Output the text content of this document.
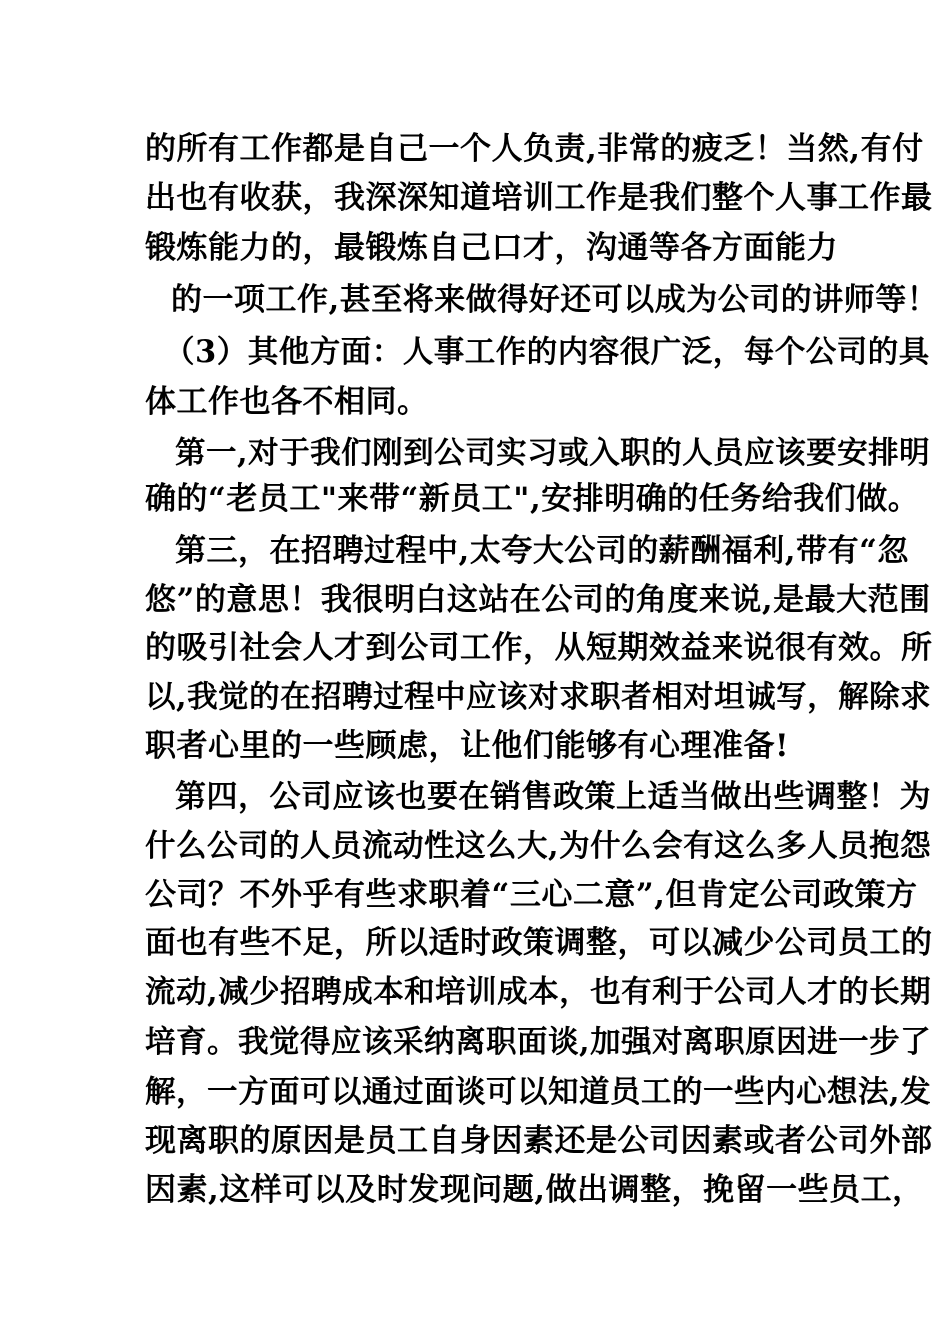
的所有工作都是自己一个人负责,非常的疲乏！当然,有付
出也有收获，我深深知道培训工作是我们整个人事工作最
锻炼能力的，最锻炼自己口才，沟通等各方面能力
的一项工作,甚至将来做得好还可以成为公司的讲师等！
（3）其他方面：人事工作的内容很广泛，每个公司的具
体工作也各不相同。
第一,对于我们刚到公司实习或入职的人员应该要安排明
确的“老员工"来带“新员工",安排明确的任务给我们做。
第三，在招聘过程中,太夸大公司的薪酬福利,带有“忽
悠”的意思！我很明白这站在公司的角度来说,是最大范围
的吸引社会人才到公司工作，从短期效益来说很有效。所
以,我觉的在招聘过程中应该对求职者相对坦诚写，解除求
职者心里的一些顾虑，让他们能够有心理准备!
第四，公司应该也要在销售政策上适当做出些调整！为
什么公司的人员流动性这么大,为什么会有这么多人员抱怨
公司？不外乎有些求职着“三心二意”,但肯定公司政策方
面也有些不足，所以适时政策调整，可以减少公司员工的
流动,减少招聘成本和培训成本，也有利于公司人才的长期
培育。我觉得应该采纳离职面谈,加强对离职原因进一步了
解，一方面可以通过面谈可以知道员工的一些内心想法,发
现离职的原因是员工自身因素还是公司因素或者公司外部
因素,这样可以及时发现问题,做出调整，挽留一些员工，
